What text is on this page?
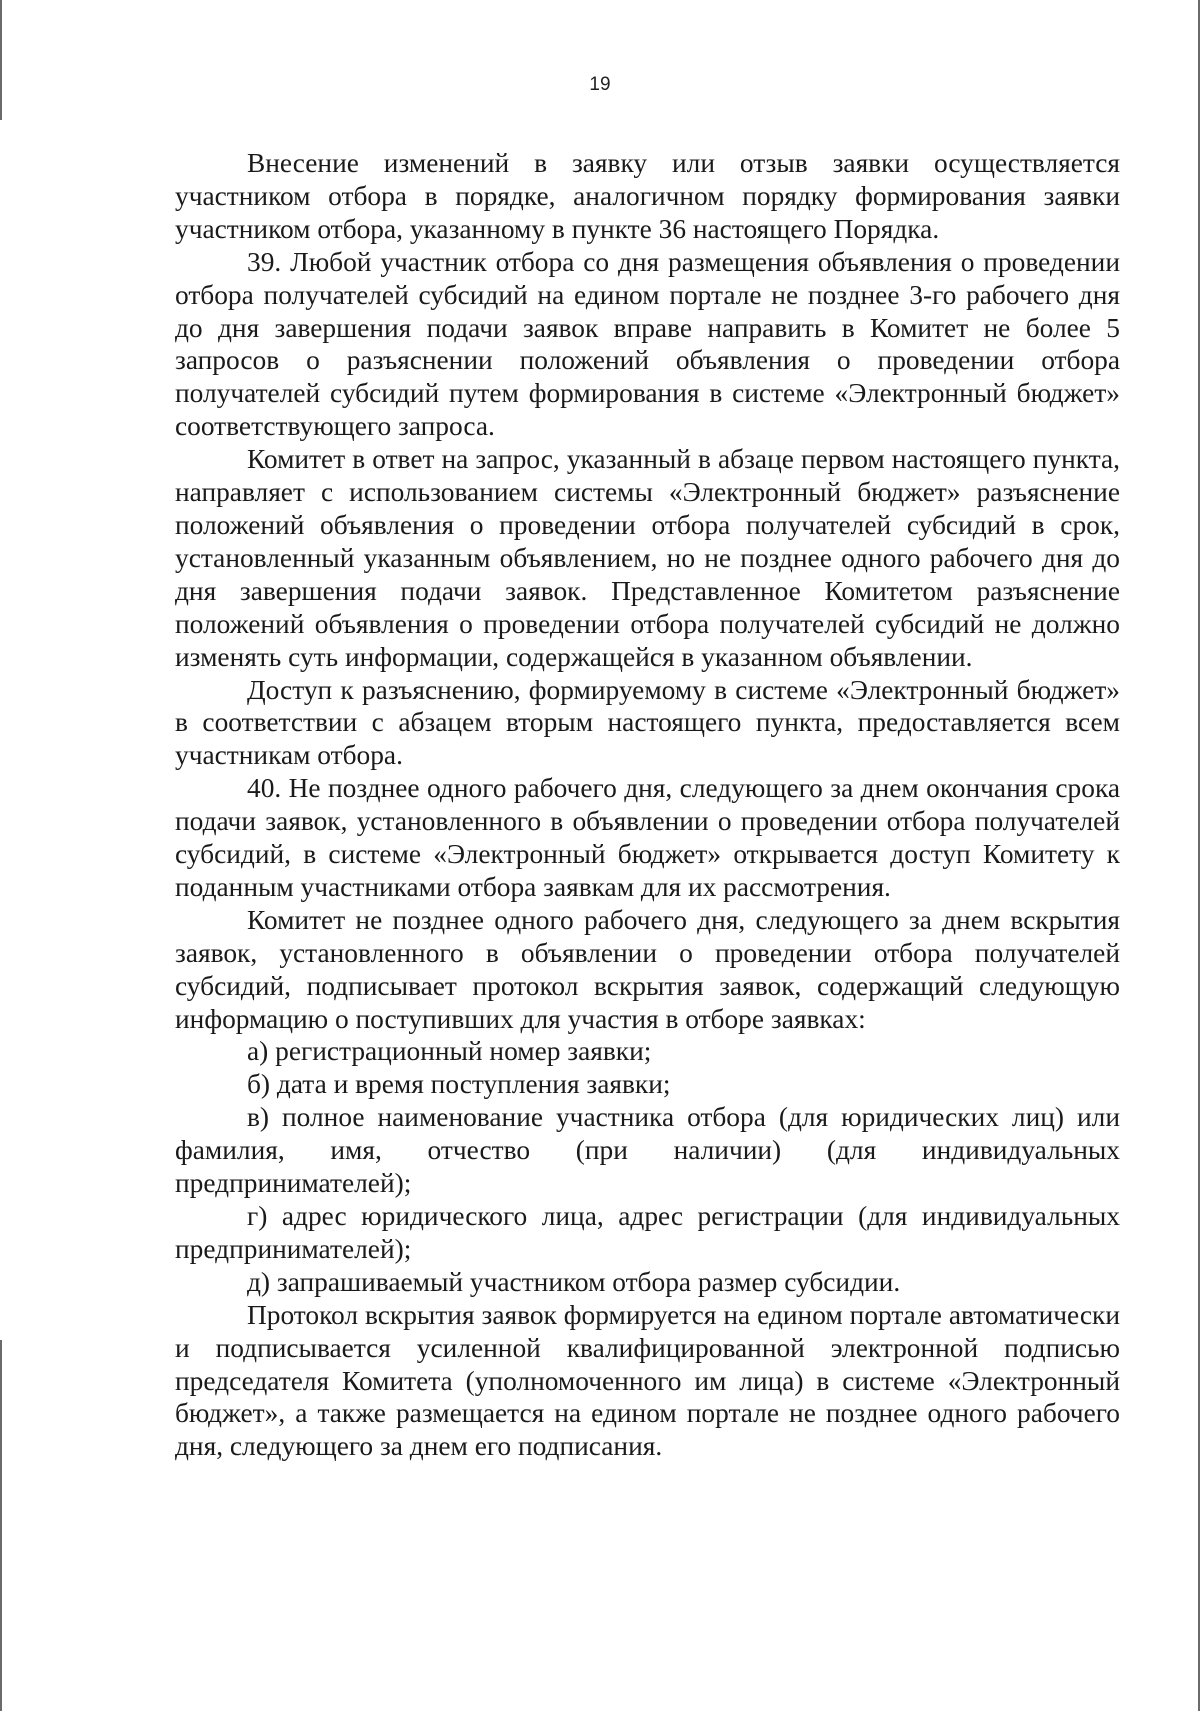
19

Внесение изменений в заявку или отзыв заявки осуществляется участником отбора в порядке, аналогичном порядку формирования заявки участником отбора, указанному в пункте 36 настоящего Порядка.

39. Любой участник отбора со дня размещения объявления о проведении отбора получателей субсидий на едином портале не позднее 3-го рабочего дня до дня завершения подачи заявок вправе направить в Комитет не более 5 запросов о разъяснении положений объявления о проведении отбора получателей субсидий путем формирования в системе «Электронный бюджет» соответствующего запроса.

Комитет в ответ на запрос, указанный в абзаце первом настоящего пункта, направляет с использованием системы «Электронный бюджет» разъяснение положений объявления о проведении отбора получателей субсидий в срок, установленный указанным объявлением, но не позднее одного рабочего дня до дня завершения подачи заявок. Представленное Комитетом разъяснение положений объявления о проведении отбора получателей субсидий не должно изменять суть информации, содержащейся в указанном объявлении.

Доступ к разъяснению, формируемому в системе «Электронный бюджет» в соответствии с абзацем вторым настоящего пункта, предоставляется всем участникам отбора.

40. Не позднее одного рабочего дня, следующего за днем окончания срока подачи заявок, установленного в объявлении о проведении отбора получателей субсидий, в системе «Электронный бюджет» открывается доступ Комитету к поданным участниками отбора заявкам для их рассмотрения.

Комитет не позднее одного рабочего дня, следующего за днем вскрытия заявок, установленного в объявлении о проведении отбора получателей субсидий, подписывает протокол вскрытия заявок, содержащий следующую информацию о поступивших для участия в отборе заявках:

а) регистрационный номер заявки;

б) дата и время поступления заявки;

в) полное наименование участника отбора (для юридических лиц) или фамилия, имя, отчество (при наличии) (для индивидуальных предпринимателей);

г) адрес юридического лица, адрес регистрации (для индивидуальных предпринимателей);

д) запрашиваемый участником отбора размер субсидии.

Протокол вскрытия заявок формируется на едином портале автоматически и подписывается усиленной квалифицированной электронной подписью председателя Комитета (уполномоченного им лица) в системе «Электронный бюджет», а также размещается на едином портале не позднее одного рабочего дня, следующего за днем его подписания.
